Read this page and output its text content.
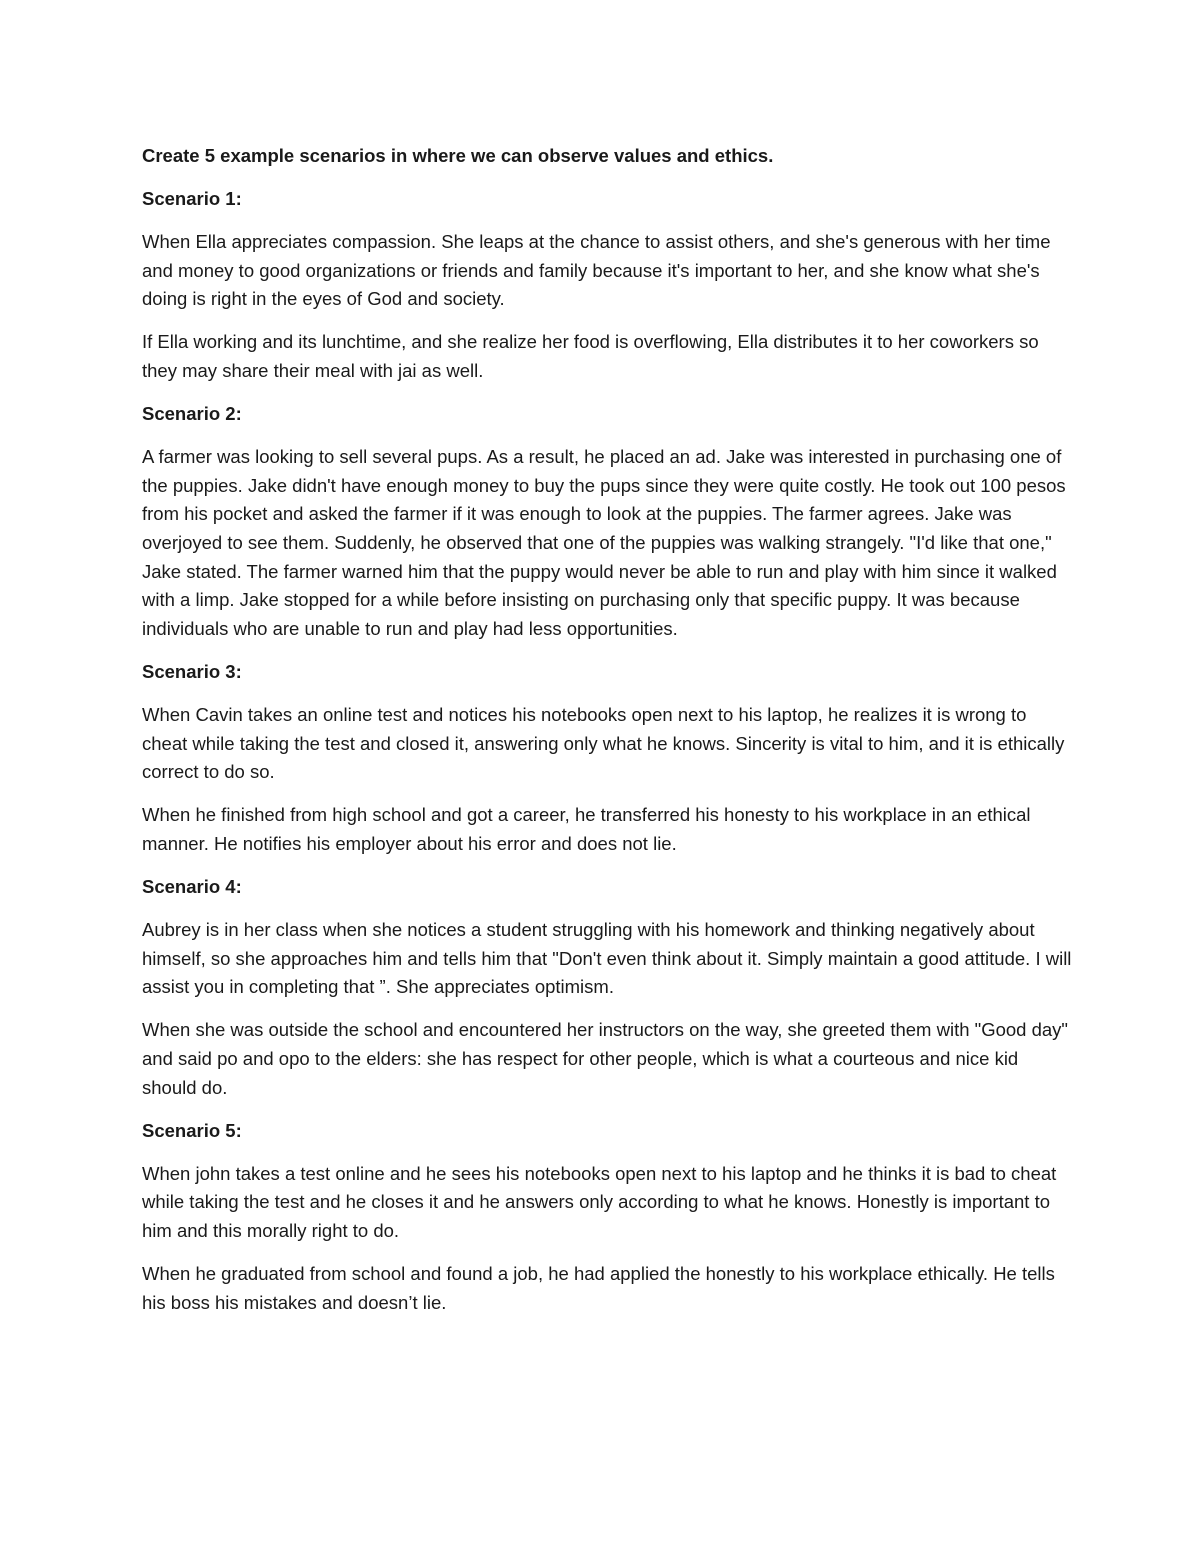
Create 5 example scenarios in where we can observe values and ethics.

Scenario 1:

When Ella appreciates compassion. She leaps at the chance to assist others, and she's generous with her time and money to good organizations or friends and family because it's important to her, and she know what she's doing is right in the eyes of God and society.

If Ella working and its lunchtime, and she realize her food is overflowing, Ella distributes it to her coworkers so they may share their meal with jai as well.

Scenario 2:

A farmer was looking to sell several pups. As a result, he placed an ad. Jake was interested in purchasing one of the puppies. Jake didn't have enough money to buy the pups since they were quite costly. He took out 100 pesos from his pocket and asked the farmer if it was enough to look at the puppies. The farmer agrees. Jake was overjoyed to see them. Suddenly, he observed that one of the puppies was walking strangely. "I'd like that one," Jake stated. The farmer warned him that the puppy would never be able to run and play with him since it walked with a limp. Jake stopped for a while before insisting on purchasing only that specific puppy. It was because individuals who are unable to run and play had less opportunities.

Scenario 3:

When Cavin takes an online test and notices his notebooks open next to his laptop, he realizes it is wrong to cheat while taking the test and closed it, answering only what he knows. Sincerity is vital to him, and it is ethically correct to do so.

When he finished from high school and got a career, he transferred his honesty to his workplace in an ethical manner. He notifies his employer about his error and does not lie.

Scenario 4:

Aubrey is in her class when she notices a student struggling with his homework and thinking negatively about himself, so she approaches him and tells him that "Don't even think about it. Simply maintain a good attitude. I will assist you in completing that ”. She appreciates optimism.

When she was outside the school and encountered her instructors on the way, she greeted them with "Good day" and said po and opo to the elders: she has respect for other people, which is what a courteous and nice kid should do.

Scenario 5:

When john takes a test online and he sees his notebooks open next to his laptop and he thinks it is bad to cheat while taking the test and he closes it and he answers only according to what he knows. Honestly is important to him and this morally right to do.

When he graduated from school and found a job, he had applied the honestly to his workplace ethically. He tells his boss his mistakes and doesn’t lie.
